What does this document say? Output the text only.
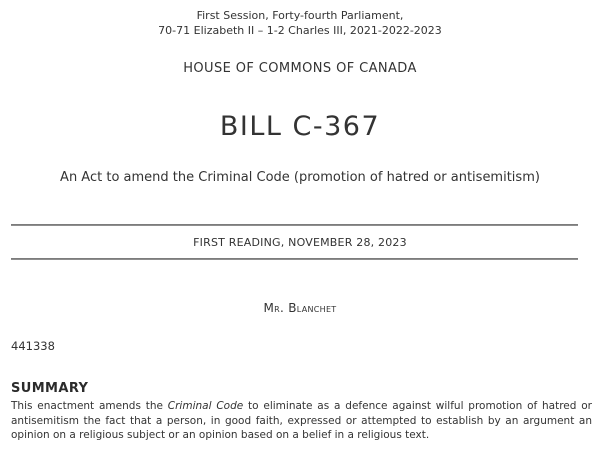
First Session, Forty-fourth Parliament,
70-71 Elizabeth II – 1-2 Charles III, 2021-2022-2023
HOUSE OF COMMONS OF CANADA
BILL C-367
An Act to amend the Criminal Code (promotion of hatred or antisemitism)
FIRST READING, NOVEMBER 28, 2023
Mr. Blanchet
441338
SUMMARY
This enactment amends the Criminal Code to eliminate as a defence against wilful promotion of hatred or antisemitism the fact that a person, in good faith, expressed or attempted to establish by an argument an opinion on a religious subject or an opinion based on a belief in a religious text.
